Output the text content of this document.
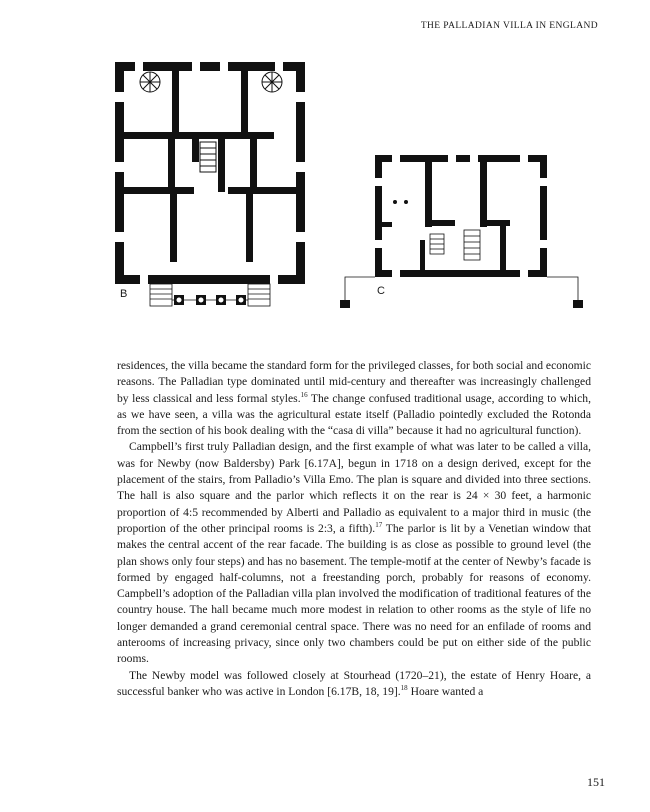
THE PALLADIAN VILLA IN ENGLAND
B	C

residences, the villa became the standard form for the privileged classes, for both social and economic reasons. The Palladian type dominated until mid-century and thereafter was increasingly challenged by less classical and less formal styles.$^{16}$ The change confused traditional usage, according to which, as we have seen, a villa was the agricultural estate itself (Palladio pointedly excluded the Rotonda from the section of his book dealing with the “casa di villa” because it had no agricultural function).

Campbell’s first truly Palladian design, and the first example of what was later to be called a villa, was for Newby (now Baldersby) Park [6.17A], begun in 1718 on a design derived, except for the placement of the stairs, from Palladio’s Villa Emo. The plan is square and divided into three sections. The hall is also square and the parlor which reflects it on the rear is 24 × 30 feet, a harmonic proportion of 4:5 recommended by Alberti and Palladio as equivalent to a major third in music (the proportion of the other principal rooms is 2:3, a fifth).$^{17}$ The parlor is lit by a Venetian window that makes the central accent of the rear facade. The building is as close as possible to ground level (the plan shows only four steps) and has no basement. The temple-motif at the center of Newby’s facade is formed by engaged half-columns, not a freestanding porch, probably for reasons of economy. Campbell’s adoption of the Palladian villa plan involved the modification of traditional features of the country house. The hall became much more modest in relation to other rooms as the style of life no longer demanded a grand ceremonial central space. There was no need for an enfilade of rooms and anterooms of increasing privacy, since only two chambers could be put on either side of the public rooms.

The Newby model was followed closely at Stourhead (1720–21), the estate of Henry Hoare, a successful banker who was active in London [6.17B, 18, 19].$^{18}$ Hoare wanted a

151
